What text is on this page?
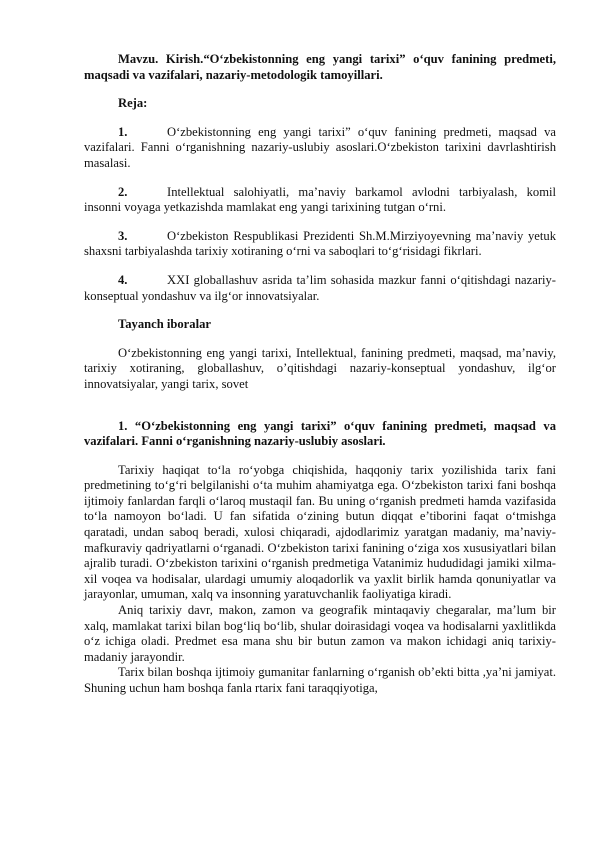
Mavzu. Kirish.“O‘zbekistonning eng yangi tarixi” o‘quv fanining predmeti, maqsadi va vazifalari, nazariy-metodologik tamoyillari.

Reja:

1.	O‘zbekistonning eng yangi tarixi” o‘quv fanining predmeti, maqsad va vazifalari. Fanni o‘rganishning nazariy-uslubiy asoslari.O‘zbekiston tarixini davrlashtirish masalasi.

2.	Intellektual salohiyatli, ma’naviy barkamol avlodni tarbiyalash, komil insonni voyaga yetkazishda mamlakat eng yangi tarixining tutgan o‘rni.

3.	O‘zbekiston Respublikasi Prezidenti Sh.M.Mirziyoyevning ma’naviy yetuk shaxsni tarbiyalashda tarixiy xotiraning o‘rni va saboqlari to‘g‘risidagi fikrlari.

4.	XXI globallashuv asrida ta’lim sohasida mazkur fanni o‘qitishdagi nazariy-konseptual yondashuv va ilg‘or innovatsiyalar.

Tayanch iboralar

O‘zbekistonning eng yangi tarixi, Intellektual, fanining predmeti, maqsad, ma’naviy, tarixiy xotiraning, globallashuv, o’qitishdagi nazariy-konseptual yondashuv, ilg‘or innovatsiyalar, yangi tarix, sovet

1. “O‘zbekistonning eng yangi tarixi” o‘quv fanining predmeti, maqsad va vazifalari. Fanni o‘rganishning nazariy-uslubiy asoslari.

Tarixiy haqiqat to‘la ro‘yobga chiqishida, haqqoniy tarix yozilishida tarix fani predmetining to‘g‘ri belgilanishi o‘ta muhim ahamiyatga ega. O‘zbekiston tarixi fani boshqa ijtimoiy fanlardan farqli o‘laroq mustaqil fan. Bu uning o‘rganish predmeti hamda vazifasida to‘la namoyon bo‘ladi. U fan sifatida o‘zining butun diqqat e’tiborini faqat o‘tmishga qaratadi, undan saboq beradi, xulosi chiqaradi, ajdodlarimiz yaratgan madaniy, ma’naviy-mafkuraviy qadriyatlarni o‘rganadi. O‘zbekiston tarixi fanining o‘ziga xos xususiyatlari bilan ajralib turadi. O‘zbekiston tarixini o‘rganish predmetiga Vatanimiz hududidagi jamiki xilma-xil voqea va hodisalar, ulardagi umumiy aloqadorlik va yaxlit birlik hamda qonuniyatlar va jarayonlar, umuman, xalq va insonning yaratuvchanlik faoliyatiga kiradi.

Aniq tarixiy davr, makon, zamon va geografik mintaqaviy chegaralar, ma’lum bir xalq, mamlakat tarixi bilan bog‘liq bo‘lib, shular doirasidagi voqea va hodisalarni yaxlitlikda o‘z ichiga oladi. Predmet esa mana shu bir butun zamon va makon ichidagi aniq tarixiy-madaniy jarayondir.

Tarix bilan boshqa ijtimoiy gumanitar fanlarning o‘rganish ob’ekti bitta ,ya’ni jamiyat. Shuning uchun ham boshqa fanla rtarix fani taraqqiyotiga,
